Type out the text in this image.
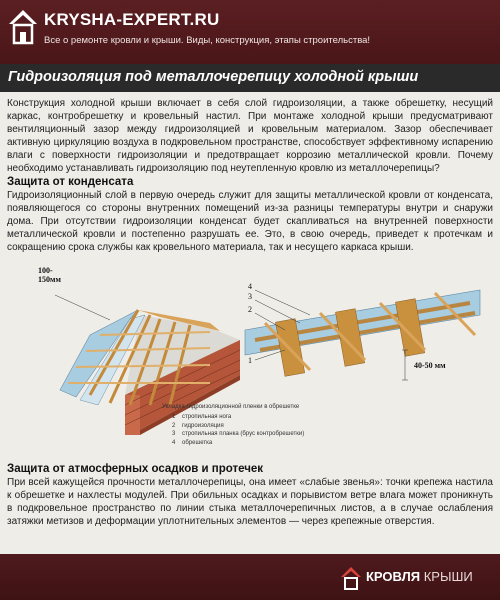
KRYSHA-EXPERT.RU
Все о ремонте кровли и крыши. Виды, конструкция, этапы строительства!
Гидроизоляция под металлочерепицу холодной крыши

Конструкция холодной крыши включает в себя слой гидроизоляции, а также обрешетку, несущий каркас, контробрешетку и кровельный настил. При монтаже холодной крыши предусматривают вентиляционный зазор между гидроизоляцией и кровельным материалом. Зазор обеспечивает активную циркуляцию воздуха в подкровельном пространстве, способствует эффективному испарению влаги с поверхности гидроизоляции и предотвращает коррозию металлической кровли. Почему необходимо устанавливать гидроизоляцию под неутепленную кровлю из металлочерепицы?

Защита от конденсата

Гидроизоляционный слой в первую очередь служит для защиты металлической кровли от конденсата, появляющегося со стороны внутренних помещений из-за разницы температуры внутри и снаружи дома. При отсутствии гидроизоляции конденсат будет скапливаться на внутренней поверхности металлической кровли и постепенно разрушать ее. Это, в свою очередь, приведет к протечкам и сокращению срока службы как кровельного материала, так и несущего каркаса крыши.

100-150мм
4
3
2
1
40-50 мм
Укладка гидроизоляционной пленки в обрешетке
1 стропильная нога
2 гидроизоляция
3 стропильная планка (брус контробрешетки)
4 обрешетка
Защита от атмосферных осадков и протечек

При всей кажущейся прочности металлочерепицы, она имеет «слабые звенья»: точки крепежа настила к обрешетке и нахлесты модулей. При обильных осадках и порывистом ветре влага может проникнуть в подкровельное пространство по линии стыка металлочерепичных листов, а в случае ослабления затяжки метизов и деформации уплотнительных элементов — через крепежные отверстия.

КРОВЛЯ КРЫШИ
